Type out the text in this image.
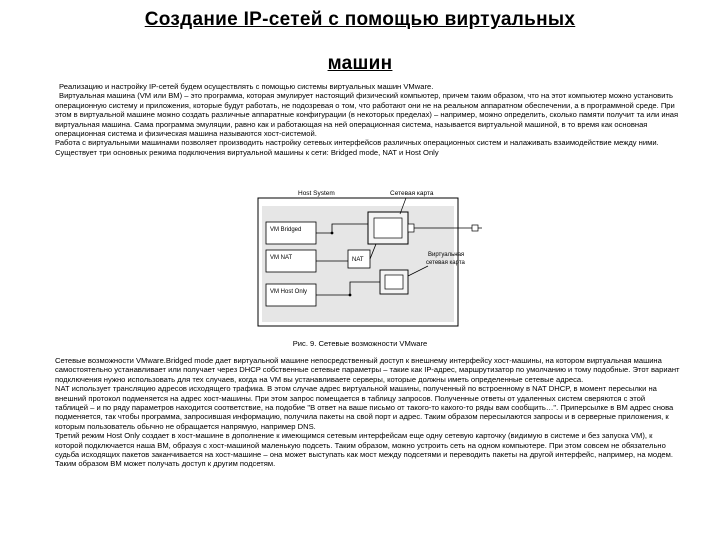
Создание IP-сетей с помощью виртуальных
машин

Реализацию и настройку IP-сетей будем осуществлять с помощью системы виртуальных машин VMware.

Виртуальная машина (VM или ВМ) – это программа, которая эмулирует настоящий физический компьютер, причем таким образом, что на этот компьютер можно установить операционную систему и приложения, которые будут работать, не подозревая о том, что работают они не на реальном аппаратном обеспечении, а в программной среде. При этом в виртуальной машине можно создать различные аппаратные конфигурации (в некоторых пределах) – например, можно определить, сколько памяти получит та или иная виртуальная машина. Сама программа эмуляции, равно как и работающая на ней операционная система, называется виртуальной машиной, в то время как основная операционная система и физическая машина называются хост-системой.

Работа с виртуальными машинами позволяет производить настройку сетевых интерфейсов различных операционных систем и налаживать взаимодействие между ними.

Существует три основных режима подключения виртуальной машины к сети: Bridged mode, NAT и Host Only

Host System
VM Bridged
VM NAT
VM Host Only
NAT
Сетевая карта
Виртуальная
сетевая карта
Рис. 9. Сетевые возможности VMware

Сетевые возможности VMware.Bridged mode дает виртуальной машине непосредственный доступ к внешнему интерфейсу хост-машины, на котором виртуальная машина самостоятельно устанавливает или получает через DHCP собственные сетевые параметры – такие как IP-адрес, маршрутизатор по умолчанию и тому подобные. Этот вариант подключения нужно использовать для тех случаев, когда на VM вы устанавливаете серверы, которые должны иметь определенные сетевые адреса.

NAT использует трансляцию адресов исходящего трафика. В этом случае адрес виртуальной машины, полученный по встроенному в NAT DHCP, в момент пересылки на внешний протокол подменяется на адрес хост-машины. При этом запрос помещается в таблицу запросов. Полученные ответы от удаленных систем сверяются с этой таблицей – и по ряду параметров находится соответствие, на подобие "В ответ на ваше письмо от такого-то какого-то ряды вам сообщить…". Приперсылке в ВМ адрес снова подменяется, так чтобы программа, запросившая информацию, получила пакеты на свой порт и адрес. Таким образом пересылаются запросы и в серверные приложения, к которым пользователь обычно не обращается напрямую, например DNS.

Третий режим Host Only создает в хост-машине в дополнение к имеющимся сетевым интерфейсам еще одну сетевую карточку (видимую в системе и без запуска VM), к которой подключается наша ВМ, образуя с хост-машиной маленькую подсеть. Таким образом, можно устроить сеть на одном компьютере. При этом совсем не обязательно судьба исходящих пакетов заканчивается на хост-машине – она может выступать как мост между подсетями и переводить пакеты на другой интерфейс, например, на модем. Таким образом ВМ может получать доступ к другим подсетям.
